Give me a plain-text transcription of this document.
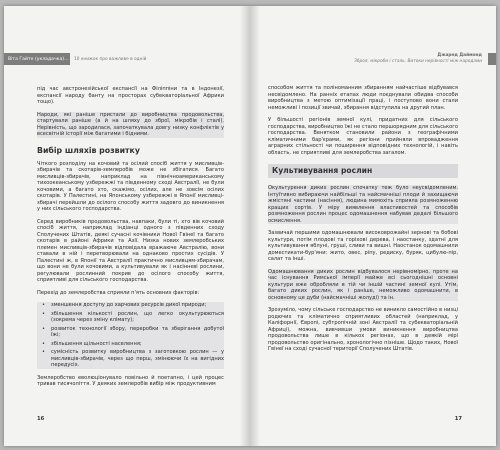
Віта Гайте (укладачка)...	10 книжок про важливе в одній

під час австронезійської експансії на Філіппіни та в Індонезії, експансії народу банту на просторах субекваторіальної Африки тощо).

Народи, які раніше пристали до виробництва продовольства, стартували раніше (а й на шляху до зброї, мікробів і сталі). Нерівність, що зародилася, започаткувала довгу низку конфліктів у всесвітній історії між багатими і бідними.

Вибір шляхів розвитку

Чіткого розподілу на кочовий та осілий спосіб життя у мисливців-збирачів та скотарів-землеробів може не збігатися. Багато мисливців-збирачів, наприклад на північноамериканському тихоокеанському узбережжі та південному сході Австралії, не були кочовими, а багато хто, скажімо, осілих, але не зовсім осілих скотарів. У Палестині, на Японському узбережжі в Японії мисливці-збирачі перейшли до осілого способу життя задовго до виникнення у них сільського господарства.

Серед виробників продовольства, навпаки, були ті, хто вів кочовий спосіб життя, наприклад індіанці одного з південних сходу Сполучених Штатів, деякі сучасні кочівники Нової Гвінеї та багато скотарів в районі Африки та Азії. Низка нових землеробських племен мисливців-збирачів відповідала вражаюче Австралію, вони ставали в ній і перетворювали на однаково простих сусідів. У Палестині ж, в Японії та Австралії практично мисливцям-збирачам, що вони не були кочовими, а культивували як і насіннєві рослини, регулювали рослинний покрив до осілого способу життя, сприятливі для сільського господарства.

Перехід до землеробства сприяли п'ять основних факторів:

• зменшення доступу до харчових ресурсів дикої природи;
• збільшення кількості рослин, що легко окультурюються (зокрема через зміну клімату);
• розвиток технології збору, переробки та зберігання добутої їжі;
• збільшення щільності населення;
• сумісність розвитку виробництва з заготовкою рослин — у мисливців-збирачів, через що перш, змінюючи їх на вигідних передусіх.

Землеробство еволюціонувало повільно й поетапно, і цей процес тривав тисячоліття. У деяких землеробів вибір між продуктивним

16
Джаред Даймонд
Зброя, мікроби і сталь. Витоки нерівності між народами

способом життя та поліноманним збиранням найчастіше відбувався несвідомлено. На ранніх етапах люди поєднували обидва способи виробництва з метою оптимізації праці, і поступово вони стали неможливі і позиції звичай, збирання відступила на другий план.

У більшості регіонів земної кулі, придатних для сільського господарства, виробництво їжі не стало першорядним для сільського господарства. Венятком становили райони з географічними кліматичними бар'єрами, як регіони прийняли впровадження аграрних стільності чи поширення відповідних технологій, і навіть область, не сприятливі для землеробства загалом.

Культивування рослин

Окультурення диких рослин спочатку теж було неусвідомленим. Інтуїтивно вибираючи найбільші та найсмачніші плоди й захищаючи жмістяні частини (насіння), людина мимохіть сприяла розмноженню кращих сортів. У міру виявлення властивостей та способів розмноження рослин процес одомашнення набував дедалі більшого осмислення.

Зазвичай першими одомашнювали високоврожайні зернові та бобові культури, потім плодові та горіхові дерева, і наостанку, здатні для культивування яблуні, груші, сливи та вишні. Наостанок одомашнили доместикати-бур'яни: жито, овес, ріпу, редиску, буряк, цибулю-пір, салат та інші.

Одомашнювання диких рослин відбувалося нерівномірно, проте на час існування Римської імперії майже всі сьогоднішні основні культури вже обробляли в тій чи іншій частині земної кулі. Утім, багато диких рослин, як і раніше, неможливо одомашнити, в основному це дуби (найсмачніші жолуді) та ін.

Зрозуміло, чому сільське господарство не виникло самостійно в низці родючих та кліматично сприятливих областей (наприклад, у Каліфорнії, Європі, субтропічній зоні Австралії та субекваторіальній Африці), можна, вивчивши умови виникнення виробництва продовольства лише в кількох регіонах, що в деякій мірі продовольство оригінально, хронологічно пізніше. Щодо таких, Нової Гвінеї на сході сучасної території Сполучених Штатів.

17
